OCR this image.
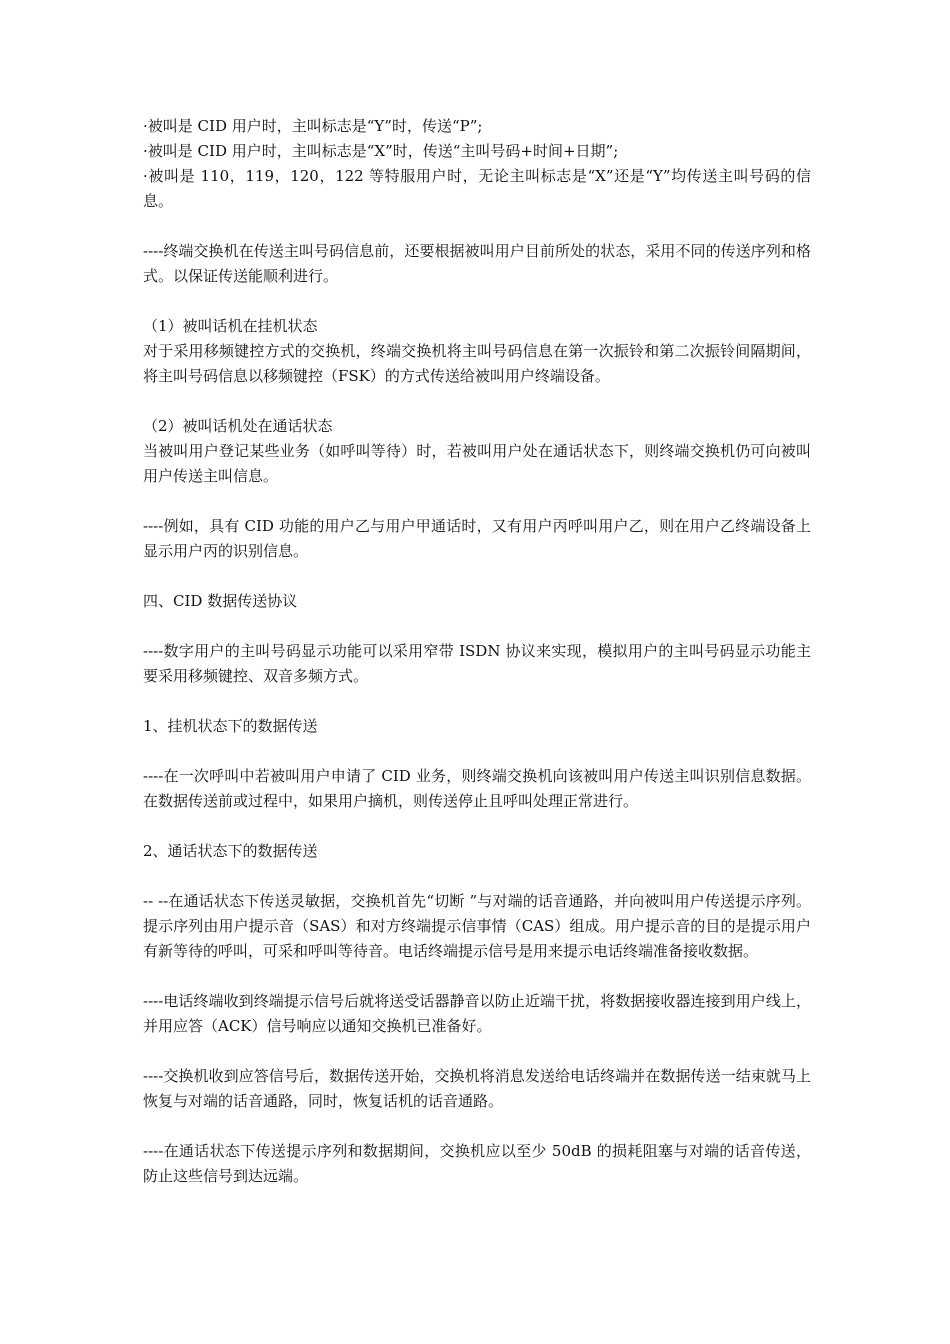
·被叫是 CID 用户时，主叫标志是“Y”时，传送“P”;

·被叫是 CID 用户时，主叫标志是“X”时，传送“主叫号码+时间+日期”;

·被叫是 110，119，120，122 等特服用户时，无论主叫标志是“X”还是“Y”均传送主叫号码的信息。

----终端交换机在传送主叫号码信息前，还要根据被叫用户目前所处的状态，采用不同的传送序列和格式。以保证传送能顺利进行。

（1）被叫话机在挂机状态

对于采用移频键控方式的交换机，终端交换机将主叫号码信息在第一次振铃和第二次振铃间隔期间，将主叫号码信息以移频键控（FSK）的方式传送给被叫用户终端设备。

（2）被叫话机处在通话状态

当被叫用户登记某些业务（如呼叫等待）时，若被叫用户处在通话状态下，则终端交换机仍可向被叫用户传送主叫信息。

----例如，具有 CID 功能的用户乙与用户甲通话时，又有用户丙呼叫用户乙，则在用户乙终端设备上显示用户丙的识别信息。

四、CID 数据传送协议

----数字用户的主叫号码显示功能可以采用窄带 ISDN 协议来实现，模拟用户的主叫号码显示功能主要采用移频键控、双音多频方式。

1、挂机状态下的数据传送

----在一次呼叫中若被叫用户申请了 CID 业务，则终端交换机向该被叫用户传送主叫识别信息数据。在数据传送前或过程中，如果用户摘机，则传送停止且呼叫处理正常进行。

2、通话状态下的数据传送

-- --在通话状态下传送灵敏据，交换机首先“切断 ”与对端的话音通路，并向被叫用户传送提示序列。提示序列由用户提示音（SAS）和对方终端提示信事情（CAS）组成。用户提示音的目的是提示用户有新等待的呼叫，可采和呼叫等待音。电话终端提示信号是用来提示电话终端准备接收数据。

----电话终端收到终端提示信号后就将送受话器静音以防止近端干扰，将数据接收器连接到用户线上，并用应答（ACK）信号响应以通知交换机已准备好。

----交换机收到应答信号后，数据传送开始，交换机将消息发送给电话终端并在数据传送一结束就马上恢复与对端的话音通路，同时，恢复话机的话音通路。

----在通话状态下传送提示序列和数据期间，交换机应以至少 50dB 的损耗阻塞与对端的话音传送，防止这些信号到达远端。
